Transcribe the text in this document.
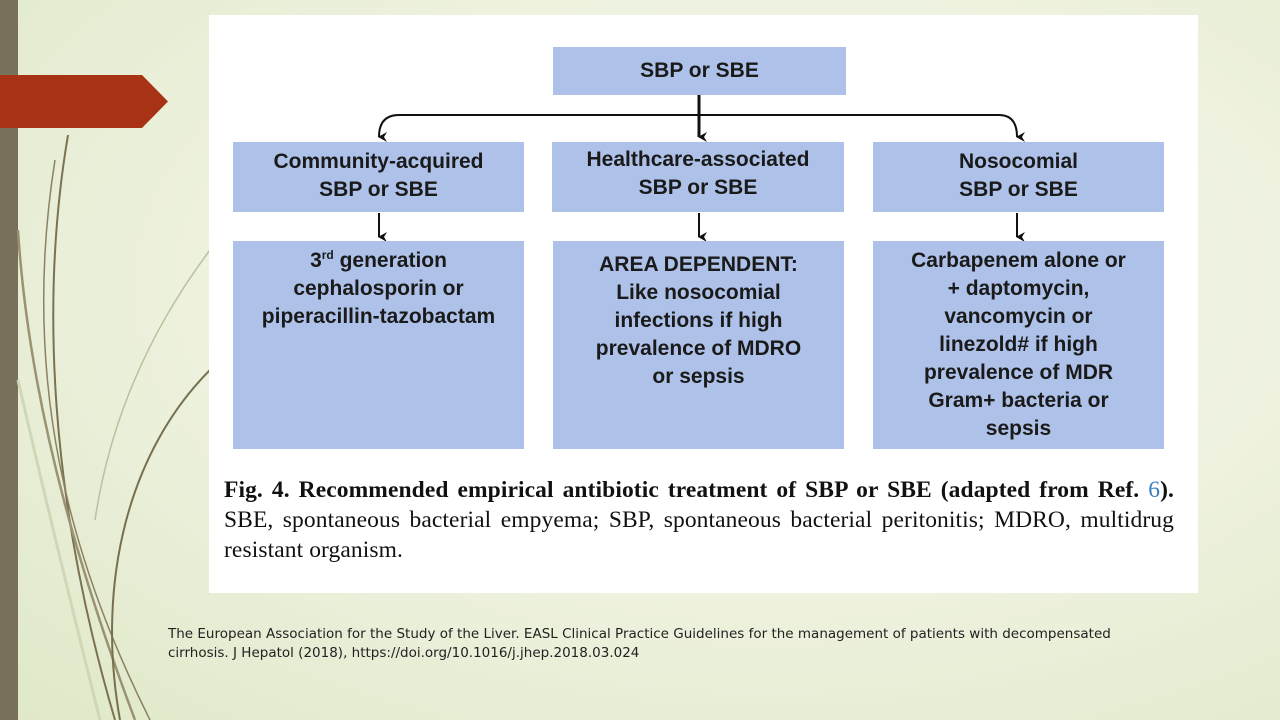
SBP or SBE
Community-acquired
SBP or SBE
Healthcare-associated
SBP or SBE
Nosocomial
SBP or SBE
3rd generation
cephalosporin or
piperacillin-tazobactam
AREA DEPENDENT:
Like nosocomial
infections if high
prevalence of MDRO
or sepsis
Carbapenem alone or
+ daptomycin,
vancomycin or
linezold# if high
prevalence of MDR
Gram+ bacteria or
sepsis
Fig. 4. Recommended empirical antibiotic treatment of SBP or SBE (adapted from Ref. 6). SBE, spontaneous bacterial empyema; SBP, spontaneous bacterial peritonitis; MDRO, multidrug resistant organism.
The European Association for the Study of the Liver. EASL Clinical Practice Guidelines for the management of patients with decompensated cirrhosis. J Hepatol (2018), https://doi.org/10.1016/j.jhep.2018.03.024
